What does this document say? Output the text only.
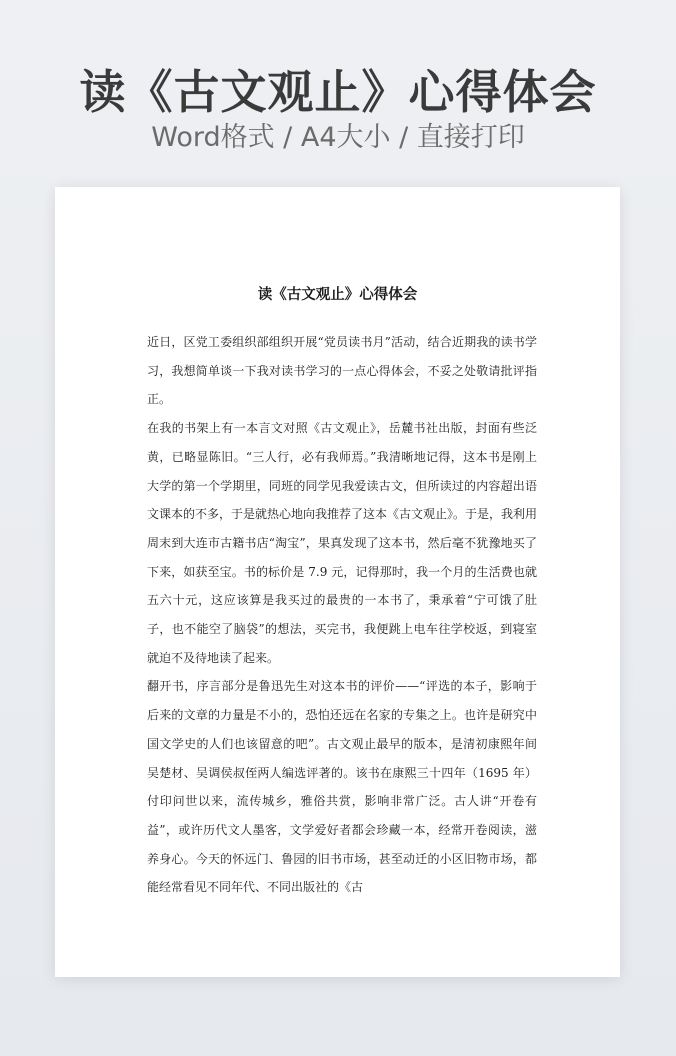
读《古文观止》心得体会
Word格式 / A4大小 / 直接打印
读《古文观止》心得体会

近日，区党工委组织部组织开展“党员读书月”活动，结合近期我的读书学习，我想简单谈一下我对读书学习的一点心得体会，不妥之处敬请批评指正。

在我的书架上有一本言文对照《古文观止》，岳麓书社出版，封面有些泛黄，已略显陈旧。“三人行，必有我师焉。”我清晰地记得，这本书是刚上大学的第一个学期里，同班的同学见我爱读古文，但所读过的内容超出语文课本的不多，于是就热心地向我推荐了这本《古文观止》。于是，我利用周末到大连市古籍书店“淘宝”，果真发现了这本书，然后毫不犹豫地买了下来，如获至宝。书的标价是 7.9 元，记得那时，我一个月的生活费也就五六十元，这应该算是我买过的最贵的一本书了，秉承着“宁可饿了肚子，也不能空了脑袋”的想法，买完书，我便跳上电车往学校返，到寝室就迫不及待地读了起来。

翻开书，序言部分是鲁迅先生对这本书的评价——“评选的本子，影响于后来的文章的力量是不小的，恐怕还远在名家的专集之上。也许是研究中国文学史的人们也该留意的吧”。古文观止最早的版本，是清初康熙年间吴楚材、吴调侯叔侄两人编选评著的。该书在康熙三十四年（1695 年）付印问世以来，流传城乡，雅俗共赏，影响非常广泛。古人讲“开卷有益”，或许历代文人墨客，文学爱好者都会珍藏一本，经常开卷阅读，滋养身心。今天的怀远门、鲁园的旧书市场，甚至动迁的小区旧物市场，都能经常看见不同年代、不同出版社的《古
